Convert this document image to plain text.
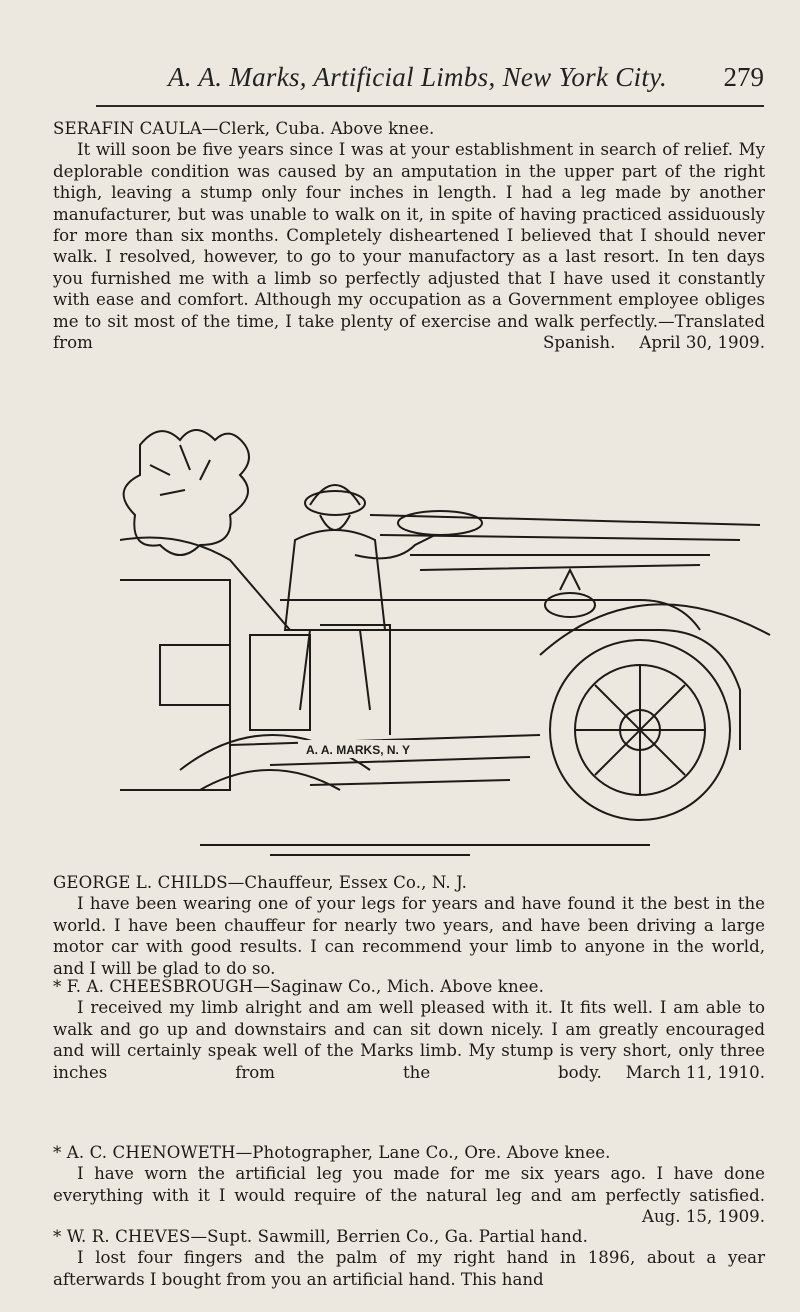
A. A. Marks, Artificial Limbs, New York City. 279

SERAFIN CAULA—Clerk, Cuba. Above knee.

It will soon be five years since I was at your establishment in search of relief. My deplorable condition was caused by an amputation in the upper part of the right thigh, leaving a stump only four inches in length. I had a leg made by another manufacturer, but was unable to walk on it, in spite of having practiced assiduously for more than six months. Completely disheartened I believed that I should never walk. I resolved, however, to go to your manufactory as a last resort. In ten days you furnished me with a limb so perfectly adjusted that I have used it constantly with ease and comfort. Although my occupation as a Government employee obliges me to sit most of the time, I take plenty of exercise and walk perfectly.—Translated from Spanish.	April 30, 1909.

A. A. MARKS, N. Y

GEORGE L. CHILDS—Chauffeur, Essex Co., N. J.

I have been wearing one of your legs for years and have found it the best in the world. I have been chauffeur for nearly two years, and have been driving a large motor car with good results. I can recommend your limb to anyone in the world, and I will be glad to do so.

* F. A. CHEESBROUGH—Saginaw Co., Mich. Above knee.

I received my limb alright and am well pleased with it. It fits well. I am able to walk and go up and downstairs and can sit down nicely. I am greatly encouraged and will certainly speak well of the Marks limb. My stump is very short, only three inches from the body.	March 11, 1910.

* A. C. CHENOWETH—Photographer, Lane Co., Ore. Above knee.

I have worn the artificial leg you made for me six years ago. I have done everything with it I would require of the natural leg and am perfectly satisfied.
Aug. 15, 1909.

* W. R. CHEVES—Supt. Sawmill, Berrien Co., Ga. Partial hand.

I lost four fingers and the palm of my right hand in 1896, about a year afterwards I bought from you an artificial hand. This hand
